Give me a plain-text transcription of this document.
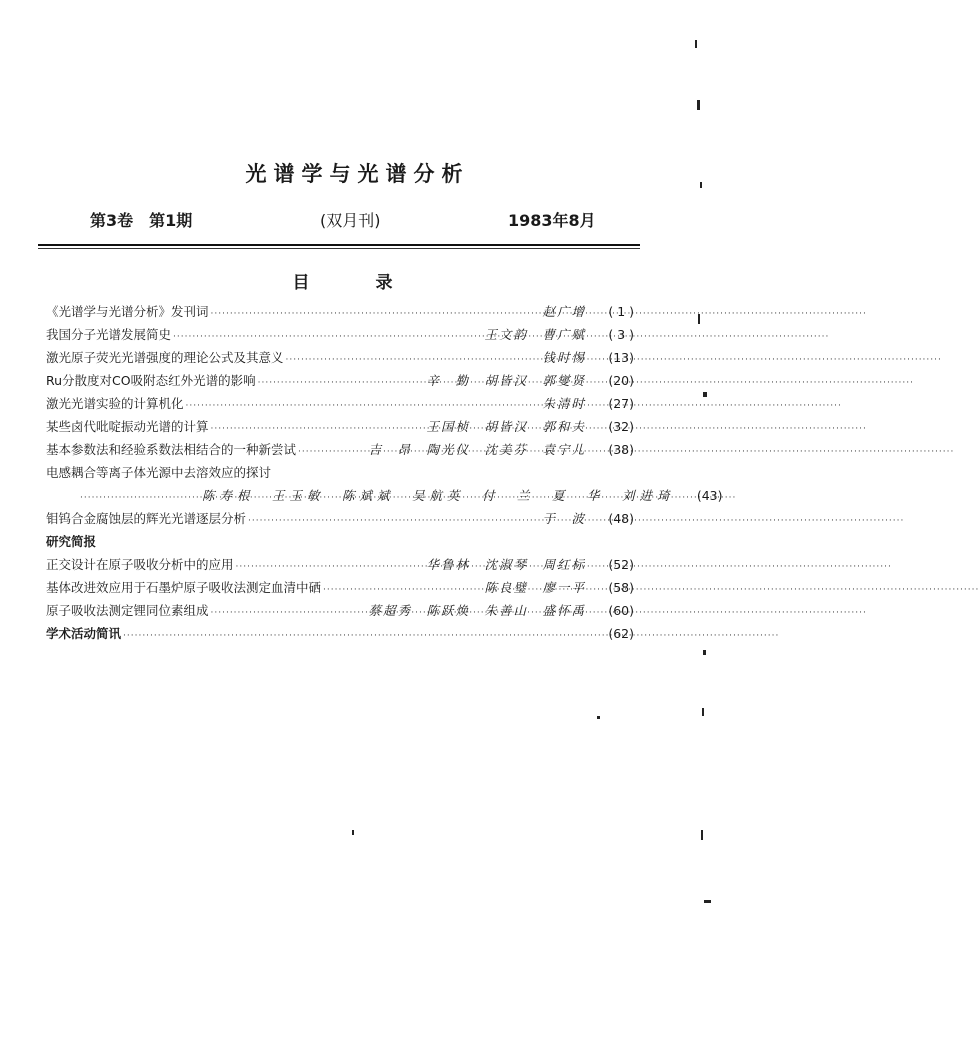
光谱学与光谱分析
第3卷　第1期	(双月刊)	1983年8月
目 录
《光谱学与光谱分析》发刊词 ·····	赵广增	( 1 )
我国分子光谱发展简史 ·····	王文韵　曹广赋	( 3 )
激光原子荧光光谱强度的理论公式及其意义 ·····	钱时惕	(13)
Ru分散度对CO吸附态红外光谱的影响 ·····	辛　勤　胡皆汉　郭燮贤	(20)
激光光谱实验的计算机化 ·····	朱清时	(27)
某些卤代吡啶振动光谱的计算 ·····	王国桢　胡皆汉　郭和夫	(32)
基本参数法和经验系数法相结合的一种新尝试 ·····	吉　昂　陶光仪　沈美芬　袁宁儿	(38)
电感耦合等离子体光源中去溶效应的探讨
·····
陈寿根　王玉敏　陈斌斌　吴航英　付　兰　夏　华　刘进琦	(43)
钼钨合金腐蚀层的辉光光谱逐层分析 ·····	于　波	(48)
研究简报
正交设计在原子吸收分析中的应用 ·····	华鲁林　沈淑琴　周红标	(52)
基体改进效应用于石墨炉原子吸收法测定血清中硒 ·····	陈良璧　廖一平	(58)
原子吸收法测定锂同位素组成 ·····	蔡超秀　陈跃焕　朱善山　盛怀禹	(60)
学术活动简讯 ·····	(62)
